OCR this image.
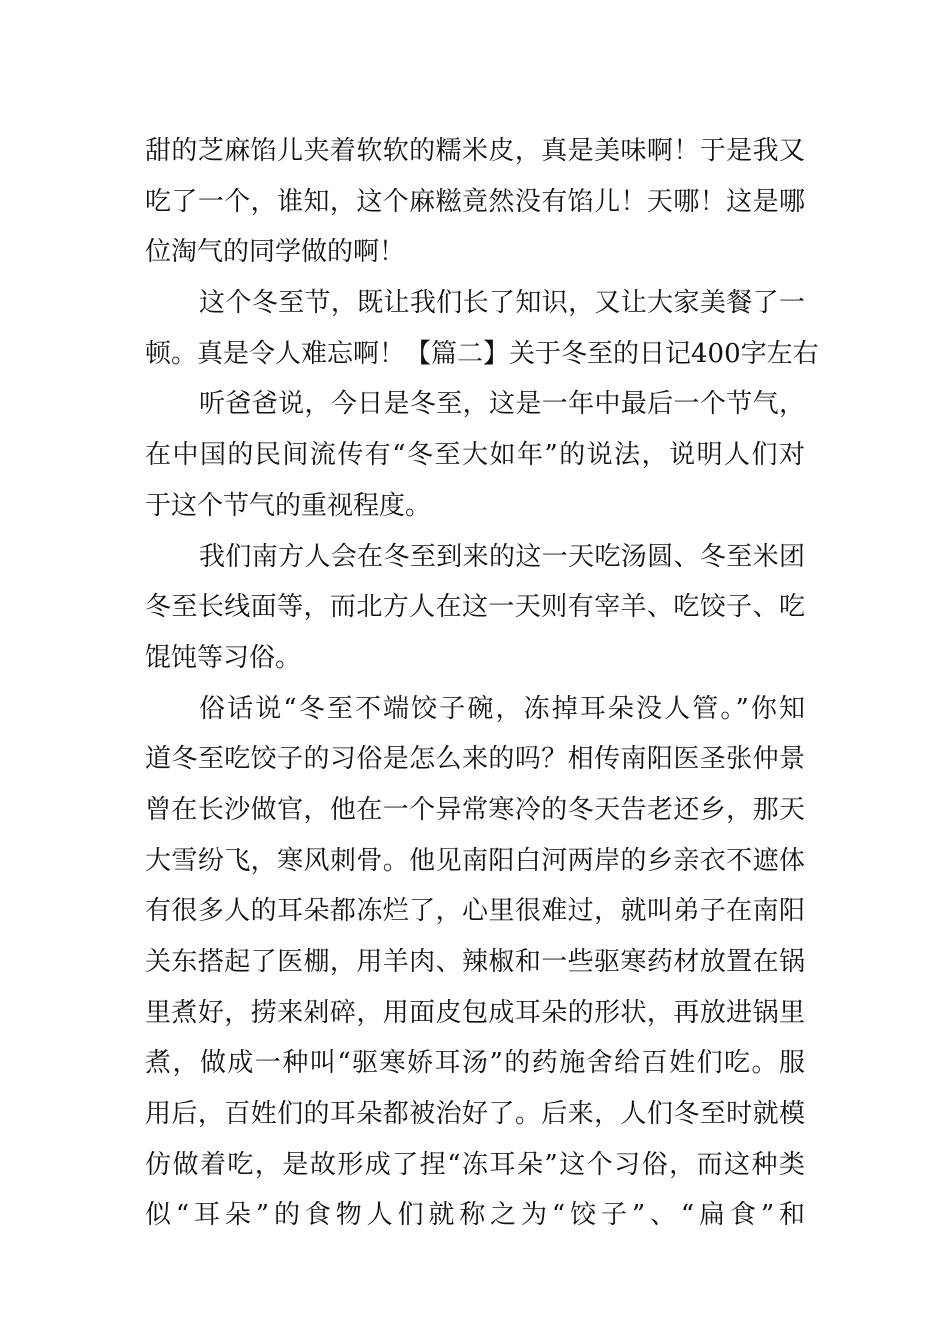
甜的芝麻馅儿夹着软软的糯米皮，真是美味啊！于是我又
吃了一个，谁知，这个麻糍竟然没有馅儿！天哪！这是哪
位淘气的同学做的啊！
这个冬至节，既让我们长了知识，又让大家美餐了一
顿。真是令人难忘啊！【篇二】关于冬至的日记400字左右
听爸爸说，今日是冬至，这是一年中最后一个节气，
在中国的民间流传有“冬至大如年”的说法，说明人们对
于这个节气的重视程度。
我们南方人会在冬至到来的这一天吃汤圆、冬至米团
冬至长线面等，而北方人在这一天则有宰羊、吃饺子、吃
馄饨等习俗。
俗话说“冬至不端饺子碗，冻掉耳朵没人管。”你知
道冬至吃饺子的习俗是怎么来的吗？相传南阳医圣张仲景
曾在长沙做官，他在一个异常寒冷的冬天告老还乡，那天
大雪纷飞，寒风刺骨。他见南阳白河两岸的乡亲衣不遮体
有很多人的耳朵都冻烂了，心里很难过，就叫弟子在南阳
关东搭起了医棚，用羊肉、辣椒和一些驱寒药材放置在锅
里煮好，捞来剁碎，用面皮包成耳朵的形状，再放进锅里
煮，做成一种叫“驱寒娇耳汤”的药施舍给百姓们吃。服
用后，百姓们的耳朵都被治好了。后来，人们冬至时就模
仿做着吃，是故形成了捏“冻耳朵”这个习俗，而这种类
似“耳朵”的食物人们就称之为“饺子”、“扁食”和
